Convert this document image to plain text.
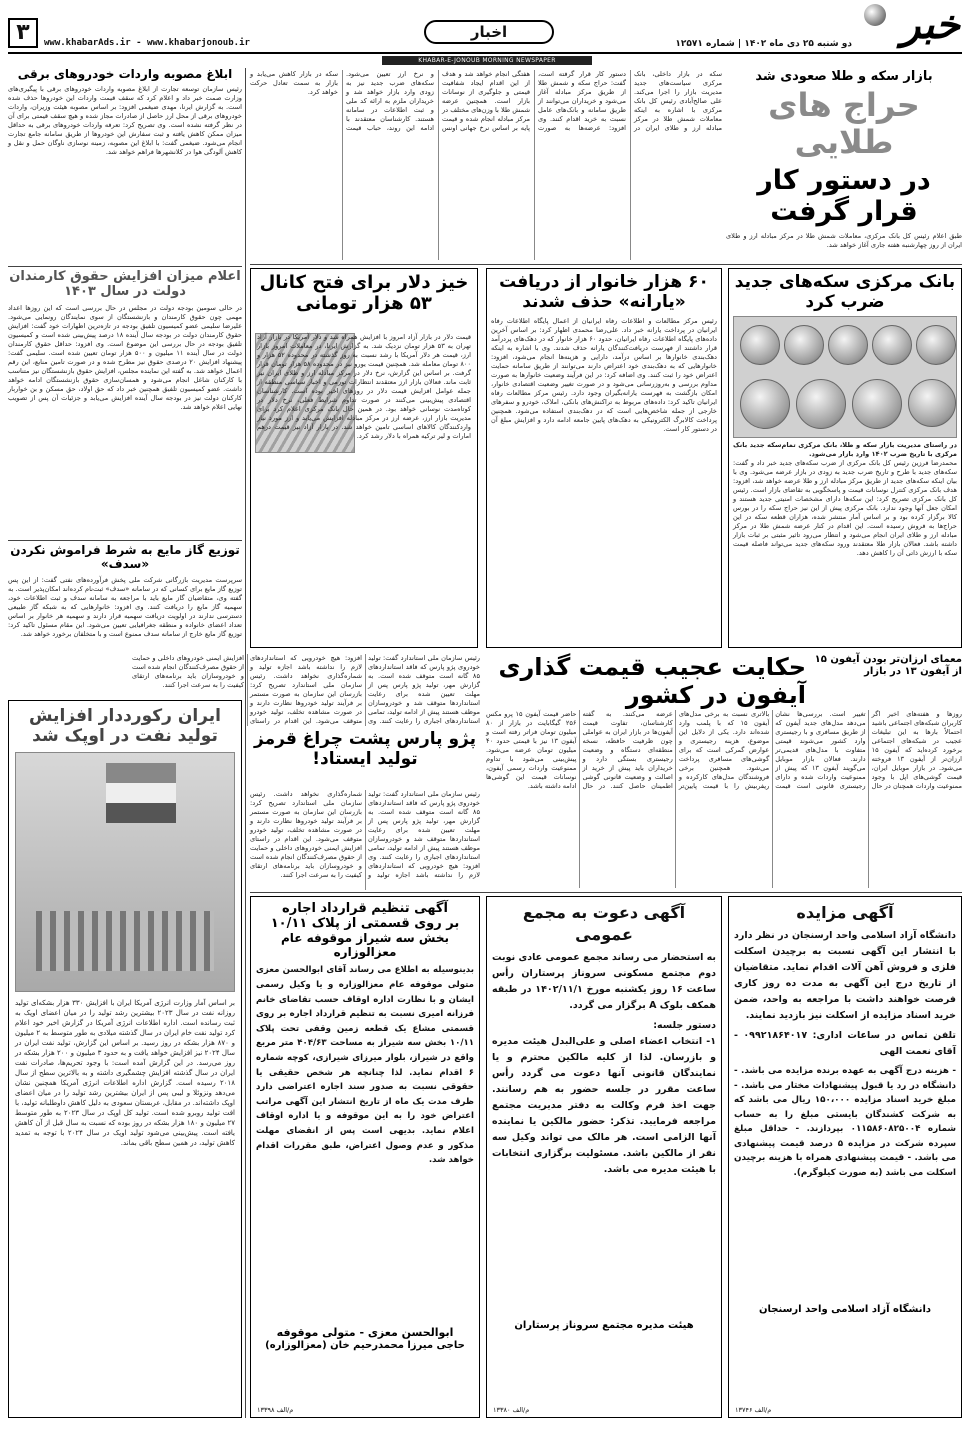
خبر
دو شنبه ۲۵ دی ماه ۱۴۰۲ | شماره ۱۲۵۷۱
اخبار
KHABAR-E-JONOUB MORNING NEWSPAPER
www.khabarAds.ir - www.khabarjonoub.ir
۳
ابلاغ مصوبه واردات خودروهای برقی
رئیس سازمان توسعه تجارت از ابلاغ مصوبه واردات خودروهای برقی با پیگیری‌های وزارت صمت خبر داد و اعلام کرد که سقف قیمت واردات این خودروها حذف شده است. به گزارش ایرنا، مهدی ضیغمی افزود: بر اساس مصوبه هیئت وزیران، واردات خودروهای برقی از محل ارز حاصل از صادرات مجاز شده و هیچ سقف قیمتی برای آن در نظر گرفته نشده است. وی تصریح کرد: تعرفه واردات خودروهای برقی به حداقل میزان ممکن کاهش یافته و ثبت سفارش این خودروها از طریق سامانه جامع تجارت انجام می‌شود. ضیغمی گفت: با ابلاغ این مصوبه، زمینه نوسازی ناوگان حمل و نقل و کاهش آلودگی هوا در کلانشهرها فراهم خواهد شد.
اعلام میزان افزایش حقوق کارمندان دولت در سال ۱۴۰۳
در حالی سومین بودجه دولت در مجلس در حال بررسی است که این روزها اعداد مهمی چون حقوق کارمندان و بازنشستگان از سوی نمایندگان رونمایی می‌شود. علیرضا سلیمی عضو کمیسیون تلفیق بودجه در تازه‌ترین اظهارات خود گفت: افزایش حقوق کارمندان دولت در بودجه سال آینده ۱۸ درصد پیش‌بینی شده است و کمیسیون تلفیق بودجه در حال بررسی این موضوع است. وی افزود: حداقل حقوق کارمندان دولت در سال آینده ۱۱ میلیون و ۵۰۰ هزار تومان تعیین شده است. سلیمی گفت: پیشنهاد افزایش ۲۰ درصدی حقوق نیز مطرح شده و در صورت تامین منابع، این رقم اعمال خواهد شد. به گفته این نماینده مجلس، افزایش حقوق بازنشستگان نیز متناسب با کارکنان شاغل انجام می‌شود و همسان‌سازی حقوق بازنشستگان ادامه خواهد داشت. عضو کمیسیون تلفیق همچنین خبر داد که حق اولاد، حق مسکن و بن خواربار کارکنان دولت نیز در بودجه سال آینده افزایش می‌یابد و جزئیات آن پس از تصویب نهایی اعلام خواهد شد.
توزیع گاز مایع به شرط فراموش نکردن «سدف»
سرپرست مدیریت بازرگانی شرکت ملی پخش فرآورده‌های نفتی گفت: از این پس توزیع گاز مایع برای کسانی که در سامانه «سدف» ثبت‌نام کرده‌اند امکان‌پذیر است. به گفته وی، متقاضیان گاز مایع باید با مراجعه به سامانه سدف و ثبت اطلاعات خود، سهمیه گاز مایع را دریافت کنند. وی افزود: خانوارهایی که به شبکه گاز طبیعی دسترسی ندارند در اولویت دریافت سهمیه قرار دارند و سهمیه هر خانوار بر اساس تعداد اعضای خانواده و منطقه جغرافیایی تعیین می‌شود. این مقام مسئول تاکید کرد: توزیع گاز مایع خارج از سامانه سدف ممنوع است و با متخلفان برخورد خواهد شد.
ایران رکورددار افزایش تولید نفت در اوپک شد
بر اساس آمار وزارت انرژی آمریکا ایران با افزایش ۳۳۰ هزار بشکه‌ای تولید روزانه نفت در سال ۲۰۲۳ بیشترین رشد تولید را در میان اعضای اوپک به ثبت رسانده است. اداره اطلاعات انرژی آمریکا در گزارش اخیر خود اعلام کرد تولید نفت خام ایران در سال گذشته میلادی به طور متوسط به ۲ میلیون و ۸۷۰ هزار بشکه در روز رسید. بر اساس این گزارش، تولید نفت ایران در سال ۲۰۲۴ نیز افزایش خواهد یافت و به حدود ۳ میلیون و ۲۰۰ هزار بشکه در روز می‌رسد. در این گزارش آمده است: با وجود تحریم‌ها، صادرات نفت ایران در سال گذشته افزایش چشمگیری داشته و به بالاترین سطح از سال ۲۰۱۸ رسیده است. گزارش اداره اطلاعات انرژی آمریکا همچنین نشان می‌دهد ونزوئلا و لیبی پس از ایران بیشترین رشد تولید را در میان اعضای اوپک داشته‌اند. در مقابل، عربستان سعودی به دلیل کاهش داوطلبانه تولید، با افت تولید روبرو شده است. تولید کل اوپک در سال ۲۰۲۳ به طور متوسط ۲۷ میلیون و ۱۸۰ هزار بشکه در روز بوده که نسبت به سال قبل از آن کاهش یافته است. پیش‌بینی می‌شود تولید اوپک در سال ۲۰۲۴ با توجه به تمدید کاهش تولید، در همین سطح باقی بماند.
سکه در بازار داخلی، بانک مرکزی سیاست‌های جدید مدیریت بازار را اجرا می‌کند. علی صالح‌آبادی رئیس کل بانک مرکزی با اشاره به اینکه معاملات شمش طلا در مرکز مبادله ارز و طلای ایران در دستور کار قرار گرفته است، گفت: حراج سکه و شمش طلا از طریق مرکز مبادله آغاز می‌شود و خریداران می‌توانند از طریق سامانه و بانک‌های عامل نسبت به خرید اقدام کنند. وی افزود: عرضه‌ها به صورت هفتگی انجام خواهد شد و هدف از این اقدام ایجاد شفافیت قیمتی و جلوگیری از نوسانات بازار است. همچنین عرضه شمش طلا با وزن‌های مختلف در مرکز مبادله انجام شده و قیمت پایه بر اساس نرخ جهانی اونس و نرخ ارز تعیین می‌شود. سکه‌های ضرب جدید نیز به زودی وارد بازار خواهد شد و خریداران ملزم به ارائه کد ملی و ثبت اطلاعات در سامانه هستند. کارشناسان معتقدند با ادامه این روند، حباب قیمت سکه در بازار کاهش می‌یابد و بازار به سمت تعادل حرکت خواهد کرد.
بازار سکه و طلا صعودی شد
حراج های طلایی
در دستور کار قرار گرفت
طبق اعلام رئیس کل بانک مرکزی، معاملات شمش طلا در مرکز مبادله ارز و طلای ایران از روز چهارشنبه هفته جاری آغاز خواهد شد.
خیز دلار برای فتح کانال ۵۳ هزار تومانی
قیمت دلار در بازار آزاد امروز با افزایش همراه شد و دلار آمریکا در بازار آزاد تهران به ۵۳ هزار تومان نزدیک شد. به گزارش ایرنا، در معاملات امروز بازار ارز، قیمت هر دلار آمریکا با رشد نسبت به روز گذشته در محدوده ۵۲ هزار و ۸۰۰ تومان معامله شد. همچنین قیمت یورو نیز در محدوده ۵۸ هزار تومان قرار گرفت. بر اساس این گزارش، نرخ دلار در مرکز مبادله ارز و طلای ایران نیز ثابت ماند. فعالان بازار ارز معتقدند انتظارات تورمی و اخبار سیاسی منطقه از جمله عوامل افزایش قیمت دلار در روزهای اخیر بوده است. کارشناسان اقتصادی پیش‌بینی می‌کنند در صورت تداوم شرایط فعلی، نرخ دلار در کوتاه‌مدت نوسانی خواهد بود. در همین حال بانک مرکزی اعلام کرد برای مدیریت بازار ارز، عرضه ارز در مرکز مبادله افزایش می‌یابد و ارز مورد نیاز واردکنندگان کالاهای اساسی تامین خواهد شد. در بازار آزاد نیز قیمت درهم امارات و لیر ترکیه همراه با دلار رشد کرد.
۶۰ هزار خانوار از دریافت «یارانه» حذف شدند
رئیس مرکز مطالعات و اطلاعات رفاه ایرانیان از اعمال پایگاه اطلاعات رفاه ایرانیان در پرداخت یارانه خبر داد. علی‌رضا محمدی اظهار کرد: بر اساس آخرین داده‌های پایگاه اطلاعات رفاه ایرانیان، حدود ۶۰ هزار خانوار که در دهک‌های پردرآمد قرار داشتند از فهرست دریافت‌کنندگان یارانه حذف شدند. وی با اشاره به اینکه دهک‌بندی خانوارها بر اساس درآمد، دارایی و هزینه‌ها انجام می‌شود، افزود: خانوارهایی که به دهک‌بندی خود اعتراض دارند می‌توانند از طریق سامانه حمایت اعتراض خود را ثبت کنند. وی اضافه کرد: در این فرآیند وضعیت خانوارها به صورت مداوم بررسی و به‌روزرسانی می‌شود و در صورت تغییر وضعیت اقتصادی خانوار، امکان بازگشت به فهرست یارانه‌بگیران وجود دارد. رئیس مرکز مطالعات رفاه ایرانیان تاکید کرد: داده‌های مربوط به تراکنش‌های بانکی، املاک، خودرو و سفرهای خارجی از جمله شاخص‌هایی است که در دهک‌بندی استفاده می‌شود. همچنین پرداخت کالابرگ الکترونیکی به دهک‌های پایین جامعه ادامه دارد و افزایش مبلغ آن در دستور کار است.
بانک مرکزی سکه‌های جدید ضرب کرد
در راستای مدیریت بازار سکه و طلا، بانک مرکزی تمام‌سکه جدید بانک مرکزی با تاریخ ضرب ۱۴۰۲ وارد بازار می‌شود.
محمدرضا فرزین رئیس کل بانک مرکزی از ضرب سکه‌های جدید خبر داد و گفت: سکه‌های جدید با طرح و تاریخ ضرب جدید به زودی در بازار عرضه می‌شود. وی با بیان اینکه سکه‌های جدید از طریق مرکز مبادله ارز و طلا عرضه خواهد شد، افزود: هدف بانک مرکزی کنترل نوسانات قیمت و پاسخگویی به تقاضای بازار است. رئیس کل بانک مرکزی تصریح کرد: این سکه‌ها دارای مشخصات امنیتی جدید هستند و امکان جعل آنها وجود ندارد. بانک مرکزی پیش از این نیز حراج سکه را در بورس کالا برگزار کرده بود و بر اساس آمار منتشر شده، هزاران قطعه سکه در این حراج‌ها به فروش رسیده است. این اقدام در کنار عرضه شمش طلا در مرکز مبادله ارز و طلای ایران انجام می‌شود و انتظار می‌رود تاثیر مثبتی بر ثبات بازار داشته باشد. فعالان بازار طلا معتقدند ورود سکه‌های جدید می‌تواند فاصله قیمت سکه با ارزش ذاتی آن را کاهش دهد.
رئیس سازمان ملی استاندارد گفت: تولید خودروی پژو پارس که فاقد استانداردهای ۸۵ گانه است متوقف شده است. به گزارش مهر، تولید پژو پارس پس از مهلت تعیین شده برای رعایت استانداردها متوقف شد و خودروسازان موظف هستند پیش از ادامه تولید، تمامی استانداردهای اجباری را رعایت کنند. وی افزود: هیچ خودرویی که استانداردهای لازم را نداشته باشد اجازه تولید و شماره‌گذاری نخواهد داشت. رئیس سازمان ملی استاندارد تصریح کرد: بازرسان این سازمان به صورت مستمر بر فرآیند تولید خودروها نظارت دارند و در صورت مشاهده تخلف، تولید خودرو متوقف می‌شود. این اقدام در راستای افزایش ایمنی خودروهای داخلی و حمایت از حقوق مصرف‌کنندگان انجام شده است و خودروسازان باید برنامه‌های ارتقای کیفیت را به سرعت اجرا کنند.
پژو پارس پشت چراغ قرمز تولید ایستاد!
رئیس سازمان ملی استاندارد گفت: تولید خودروی پژو پارس که فاقد استانداردهای ۸۵ گانه است متوقف شده است. به گزارش مهر، تولید پژو پارس پس از مهلت تعیین شده برای رعایت استانداردها متوقف شد و خودروسازان موظف هستند پیش از ادامه تولید، تمامی استانداردهای اجباری را رعایت کنند. وی افزود: هیچ خودرویی که استانداردهای لازم را نداشته باشد اجازه تولید و شماره‌گذاری نخواهد داشت. رئیس سازمان ملی استاندارد تصریح کرد: بازرسان این سازمان به صورت مستمر بر فرآیند تولید خودروها نظارت دارند و در صورت مشاهده تخلف، تولید خودرو متوقف می‌شود. این اقدام در راستای افزایش ایمنی خودروهای داخلی و حمایت از حقوق مصرف‌کنندگان انجام شده است و خودروسازان باید برنامه‌های ارتقای کیفیت را به سرعت اجرا کنند.
معمای ارزان‌تر بودن آیفون ۱۵ از آیفون ۱۳ در بازار
حکایت عجیب قیمت گذاری آیفون در کشور
روزها و هفته‌های اخیر اگر کاربران شبکه‌های اجتماعی باشید احتمالاً بارها به این تبلیغات عجیب در شبکه‌های اجتماعی برخورد کرده‌اید که آیفون ۱۵ ارزان‌تر از آیفون ۱۳ فروخته می‌شود. در بازار موبایل ایران، قیمت گوشی‌های اپل با وجود ممنوعیت واردات همچنان در حال تغییر است. بررسی‌ها نشان می‌دهد مدل‌های جدید آیفون که از طریق مسافری و با رجیستری وارد کشور می‌شوند قیمتی متفاوت با مدل‌های قدیمی‌تر دارند. فعالان بازار موبایل می‌گویند آیفون ۱۳ که پیش از ممنوعیت واردات شده و دارای رجیستری قانونی است قیمت بالاتری نسبت به برخی مدل‌های آیفون ۱۵ که با پلمب وارد شده‌اند دارد. یکی از دلایل این موضوع، هزینه رجیستری و عوارض گمرکی است که برای گوشی‌های مسافری پرداخت می‌شود. همچنین برخی فروشندگان مدل‌های کارکرده و ریفربیش را با قیمت پایین‌تر عرضه می‌کنند. به گفته کارشناسان، تفاوت قیمت آیفون‌ها در بازار ایران به عواملی چون ظرفیت حافظه، نسخه منطقه‌ای دستگاه و وضعیت رجیستری بستگی دارد و خریداران باید پیش از خرید از اصالت و وضعیت قانونی گوشی اطمینان حاصل کنند. در حال حاضر قیمت آیفون ۱۵ پرو مکس ۲۵۶ گیگابایت در بازار از ۸۰ میلیون تومان فراتر رفته است و آیفون ۱۳ نیز با قیمتی حدود ۴۰ میلیون تومان عرضه می‌شود. پیش‌بینی می‌شود با تداوم ممنوعیت واردات رسمی آیفون، نوسانات قیمت این گوشی‌ها ادامه داشته باشد.
آگهی تنظیم قرارداد اجاره
بر روی قسمتی از پلاک ۱۰/۱۱
بخش سه شیراز موقوفه عام معزالوزاره
بدینوسیله به اطلاع می رساند آقای ابوالحسن معزی متولی موقوفه عام معزالوزاره و یا وکیل رسمی ایشان و با نظارت اداره اوقاف حسب تقاضای خانم فرزانه امیری نسبت به تنظیم قرارداد اجاره بر روی قسمتی مشاع یک قطعه زمین وقفی تحت پلاک ۱۰/۱۱ بخش سه شیراز به مساحت ۴۰۴/۶۳ متر مربع واقع در شیراز، بلوار میرزای شیرازی، کوچه شماره ۶ اقدام نماید. لذا چنانچه هر شخص حقیقی یا حقوقی نسبت به صدور سند اجاره اعتراضی دارد ظرف مدت یک ماه از تاریخ انتشار این آگهی مراتب اعتراض خود را به این موقوفه و یا اداره اوقاف اعلام نماید. بدیهی است پس از انقضای مهلت مذکور و عدم وصول اعتراض، طبق مقررات اقدام خواهد شد.
ابوالحسن معزی - متولی موقوفه
حاجی میرزا محمدرحیم خان (معزالوزاره)
۱۳۳۹۸ م/الف
آگهی دعوت به مجمع عمومی
به استحضار می رساند مجمع عمومی عادی نوبت دوم مجتمع مسکونی سروناز پرستاران رأس ساعت ۱۶ روز یکشنبه مورخ ۱۴۰۲/۱۱/۱ در طبقه همکف بلوک A برگزار می گردد.
دستور جلسه:
۱- انتخاب اعضاء اصلی و علی‌البدل هیئت مدیره و بازرسان. لذا از کلیه مالکین محترم و یا نمایندگان قانونی آنها دعوت می گردد رأس ساعت مقرر در جلسه حضور به هم رسانند. جهت اخذ فرم وکالت به دفتر مدیریت مجتمع مراجعه فرمایید. تذکر: حضور مالکین یا نماینده آنها الزامی است. هر مالک می تواند وکیل سه نفر از مالکین باشد. مسئولیت برگزاری انتخابات با هیئت مدیره می باشد.
هیئت مدیره مجتمع سروناز پرستاران
۱۳۳۸۰ م/الف
آگهی مزایده
دانشگاه آزاد اسلامی واحد ارسنجان در نظر دارد با انتشار این آگهی نسبت به برچیدن اسکلت فلزی و فروش آهن آلات اقدام نماید. متقاضیان از تاریخ درج این آگهی به مدت ده روز کاری فرصت خواهند داشت با مراجعه به واحد، ضمن خرید اسناد مزایده از اسکلت نیز بازدید نمایند.
تلفن تماس در ساعات اداری: ۰۹۹۲۱۸۶۴۰۱۷ - آقای نعمت الهی
- هزینه درج آگهی به عهده برنده مزایده می باشد. - دانشگاه در رد یا قبول پیشنهادات مختار می باشد. - مبلغ خرید اسناد مزایده ۱۵۰،۰۰۰ ریال می باشد که به شرکت کشندگان بایستی مبلغ را به حساب شماره ۰۱۱۵۸۶۰۸۲۵۰۰۴ بپردازند. - حداقل مبلغ سپرده شرکت در مزایده ۵ درصد قیمت پیشنهادی می باشد. - قیمت پیشنهادی همراه با هزینه برچیدن اسکلت می باشد (به صورت کیلوگرم).
دانشگاه آزاد اسلامی واحد ارسنجان
۱۳۷۴۶ م/الف
